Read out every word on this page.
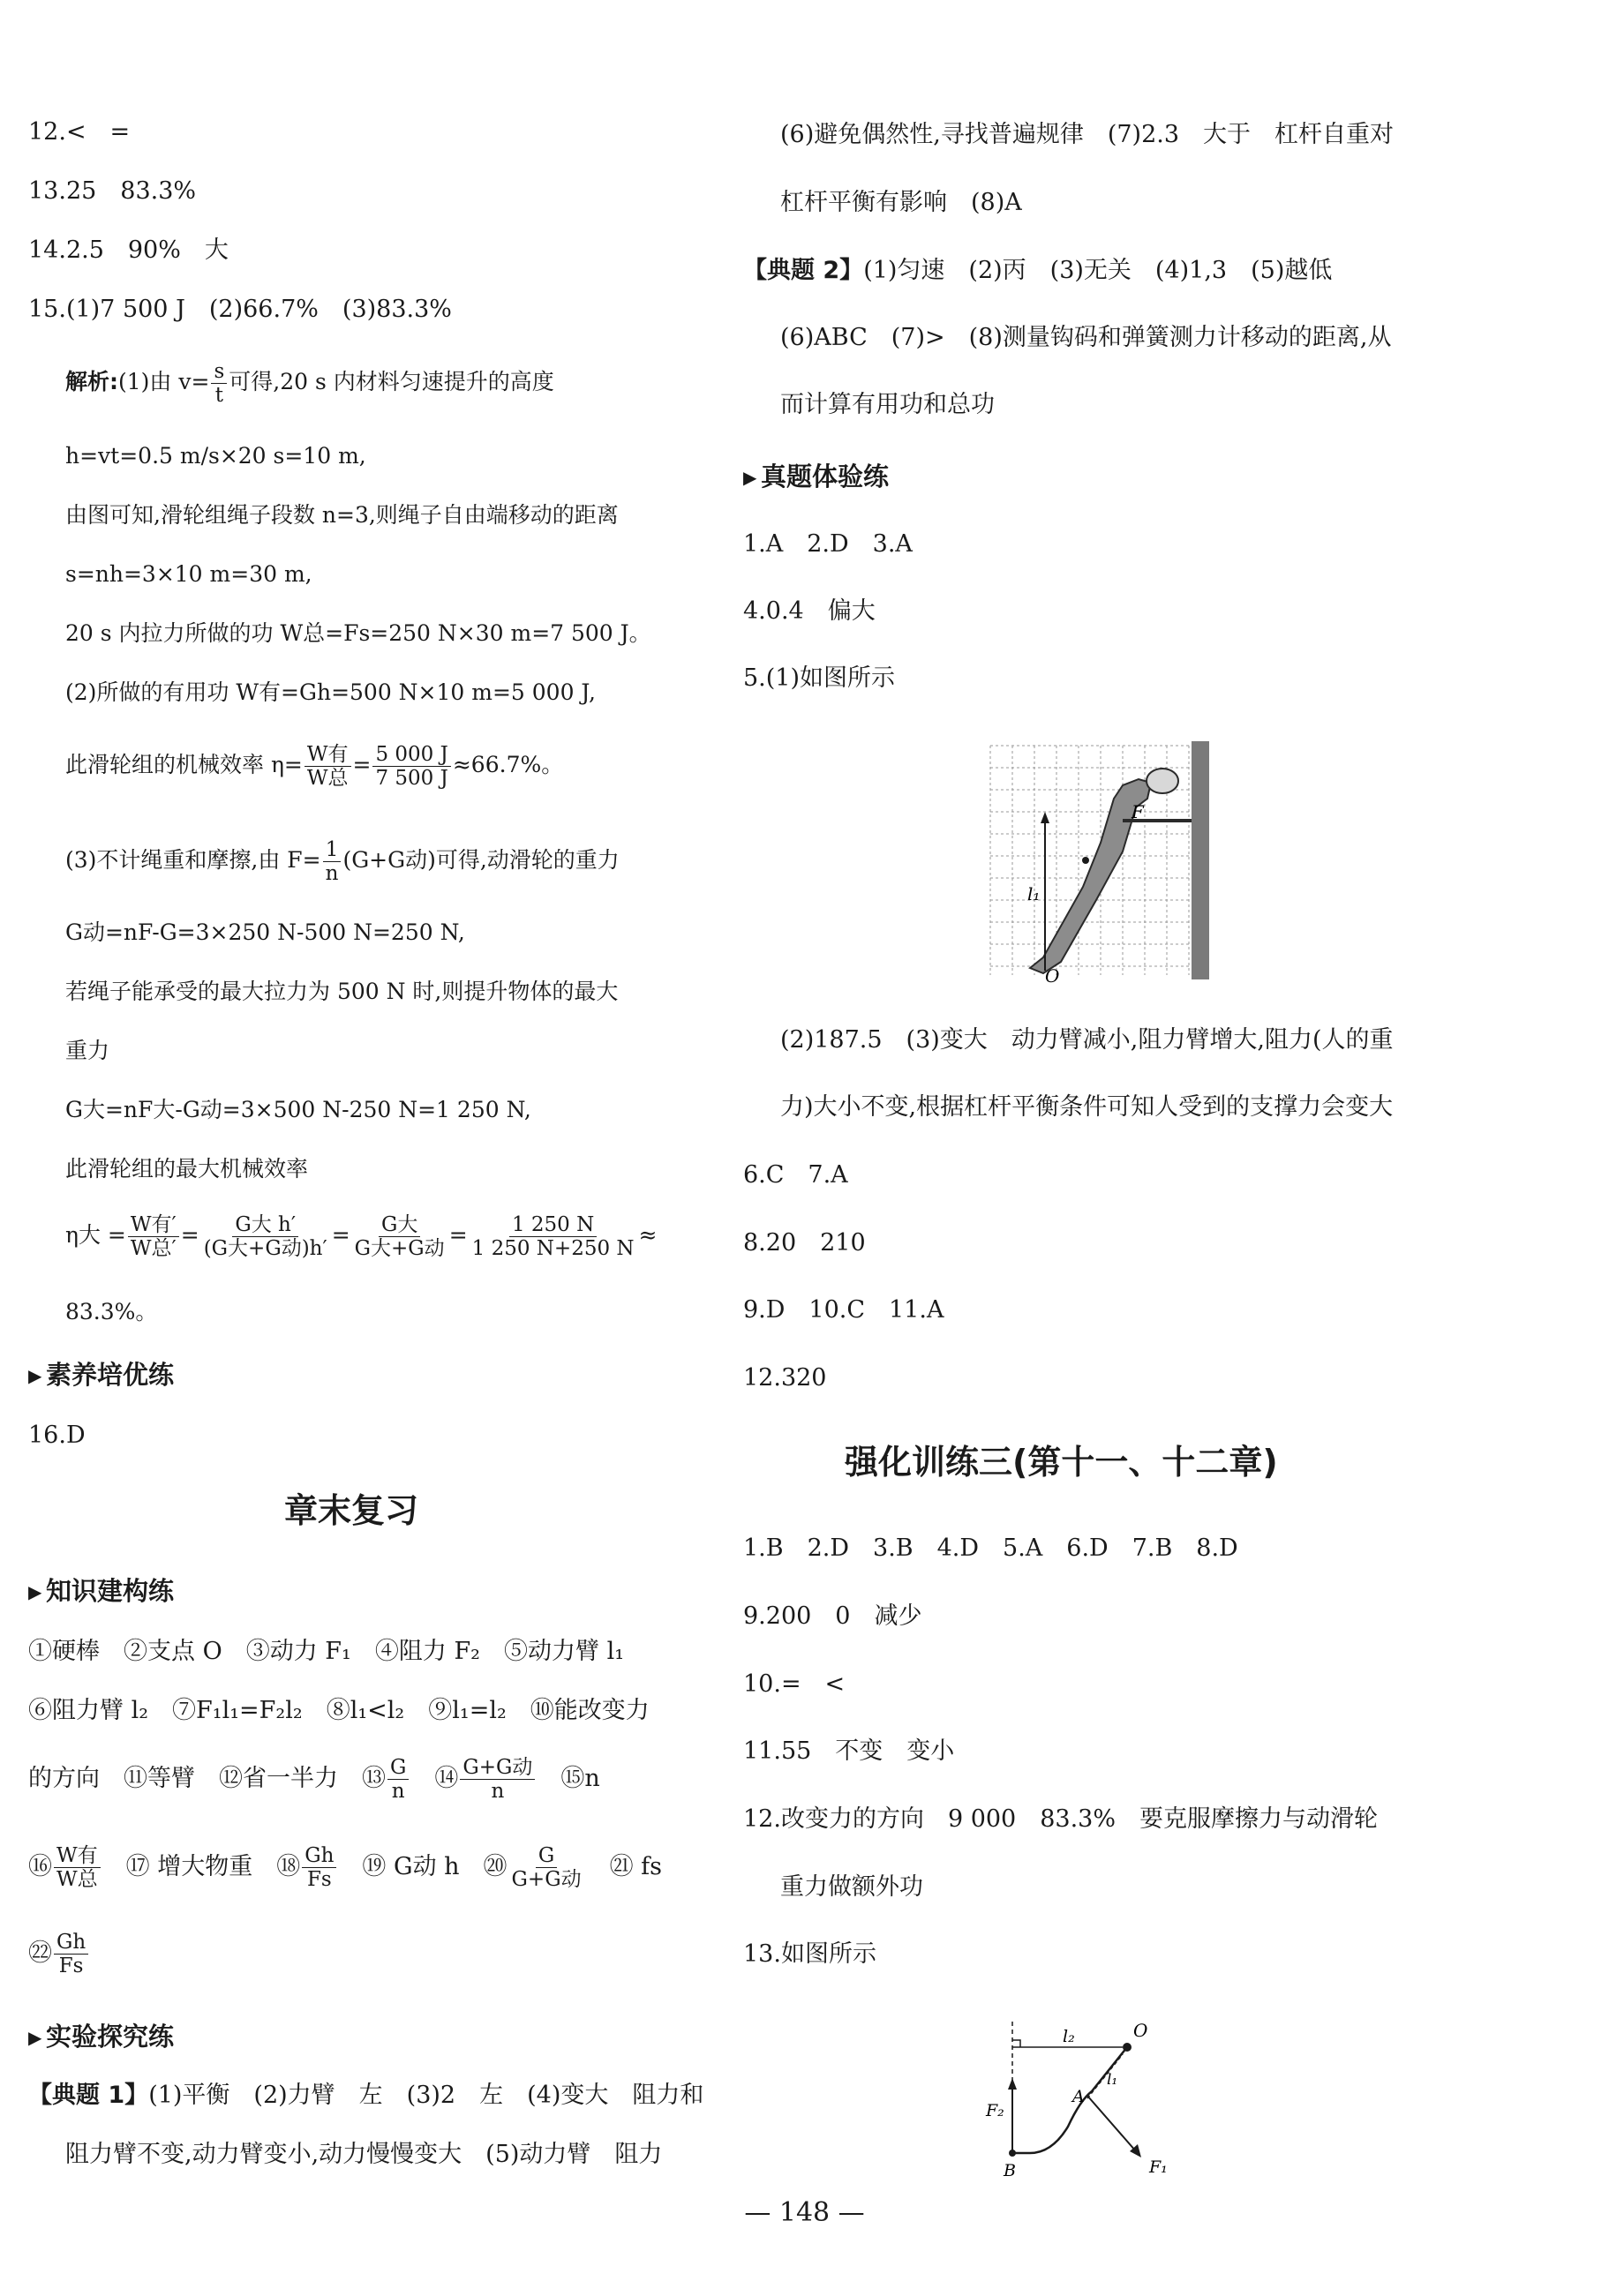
12.<　=
13.25　83.3%
14.2.5　90%　大
15.(1)7 500 J　(2)66.7%　(3)83.3%
解析:(1)由 $v= \frac{s}{t}$ 可得,20 s 内材料匀速提升的高度
h=vt=0.5 m/s×20 s=10 m,
由图可知,滑轮组绳子段数 n=3,则绳子自由端移动的距离
s=nh=3×10 m=30 m,
20 s 内拉力所做的功 W总=Fs=250 N×30 m=7 500 J。
(2)所做的有用功 W有=Gh=500 N×10 m=5 000 J,
此滑轮组的机械效率 $\eta= \frac{\text{W有}}{\text{W总}} = \frac{5 000 J}{7 500 J} \approx 66.7\%$。
(3)不计绳重和摩擦,由 $F= \frac{1}{n} (G+G$动)可得,动滑轮的重力
G动=nF-G=3×250 N-500 N=250 N,
若绳子能承受的最大拉力为 500 N 时,则提升物体的最大
重力
G大=nF大-G动=3×500 N-250 N=1 250 N,
此滑轮组的最大机械效率
η大 = $\frac{\text{W有′}}{\text{W总′}} = \frac{\text{G大 h′}}{\text{(G大+G动)h′}} = \frac{\text{G大}}{\text{G大+G动}} = \frac{1 250 N}{1 250 N+250 N}$ ≈
83.3%。
▶ 素养培优练
16.D
章末复习
▶ 知识建构练
①硬棒　②支点 O　③动力 F₁　④阻力 F₂　⑤动力臂 l₁
⑥阻力臂 l₂　⑦F₁l₁=F₂l₂　⑧l₁<l₂　⑨l₁=l₂　⑩能改变力
的方向　⑪等臂　⑫省一半力　⑬ $\frac{G}{n}$ 　⑭ $\frac{\text{G+G动}}{n}$ 　⑮n
⑯ $\frac{\text{W有}}{\text{W总}}$ 　⑰ 增大物重　⑱ $\frac{Gh}{Fs}$ 　⑲ G动 h　⑳ $\frac{G}{\text{G+G动}}$ 　㉑ fs
㉒ $\frac{Gh}{Fs}$
▶ 实验探究练
【典题 1】(1)平衡　(2)力臂　左　(3)2　左　(4)变大　阻力和
阻力臂不变,动力臂变小,动力慢慢变大　(5)动力臂　阻力
(6)避免偶然性,寻找普遍规律　(7)2.3　大于　杠杆自重对
杠杆平衡有影响　(8)A
【典题 2】(1)匀速　(2)丙　(3)无关　(4)1,3　(5)越低
(6)ABC　(7)>　(8)测量钩码和弹簧测力计移动的距离,从
而计算有用功和总功
▶ 真题体验练
1.A　2.D　3.A
4.0.4　偏大
5.(1)如图所示
l₁
O
F
(2)187.5　(3)变大　动力臂减小,阻力臂增大,阻力(人的重
力)大小不变,根据杠杆平衡条件可知人受到的支撑力会变大
6.C　7.A
8.20　210
9.D　10.C　11.A
12.320
强化训练三(第十一、十二章)
1.B　2.D　3.B　4.D　5.A　6.D　7.B　8.D
9.200　0　减少
10.=　<
11.55　不变　变小
12.改变力的方向　9 000　83.3%　要克服摩擦力与动滑轮
重力做额外功
13.如图所示
O
l₂
l₁
A
F₂
F₁
B
— 148 —
